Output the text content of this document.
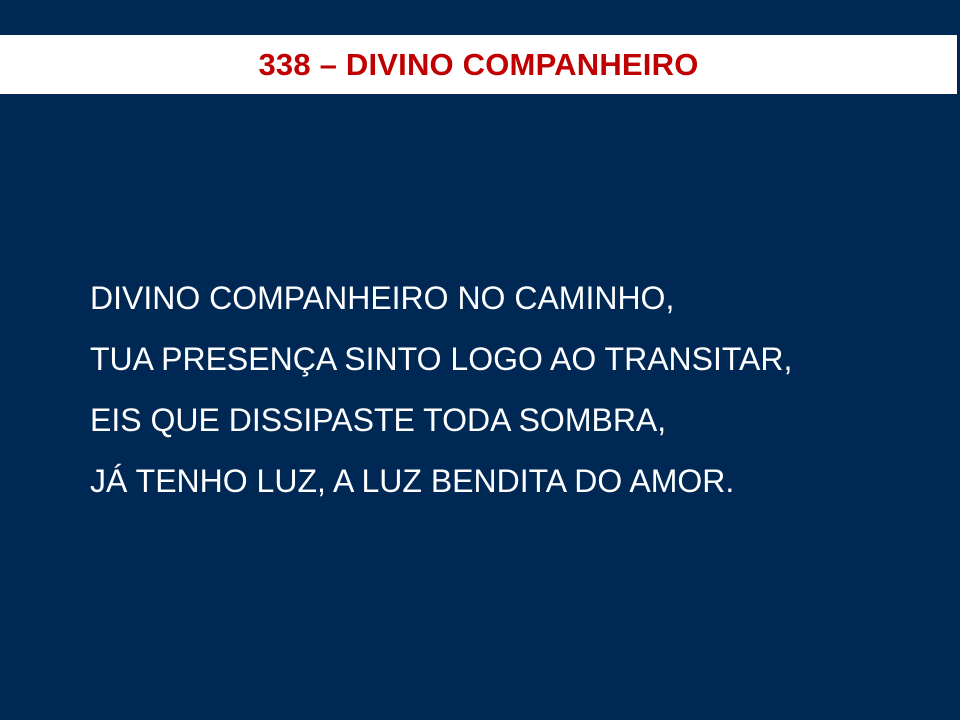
338 – DIVINO COMPANHEIRO
DIVINO COMPANHEIRO NO CAMINHO,
TUA PRESENÇA SINTO LOGO AO TRANSITAR,
EIS QUE DISSIPASTE TODA SOMBRA,
JÁ TENHO LUZ, A LUZ BENDITA DO AMOR.
